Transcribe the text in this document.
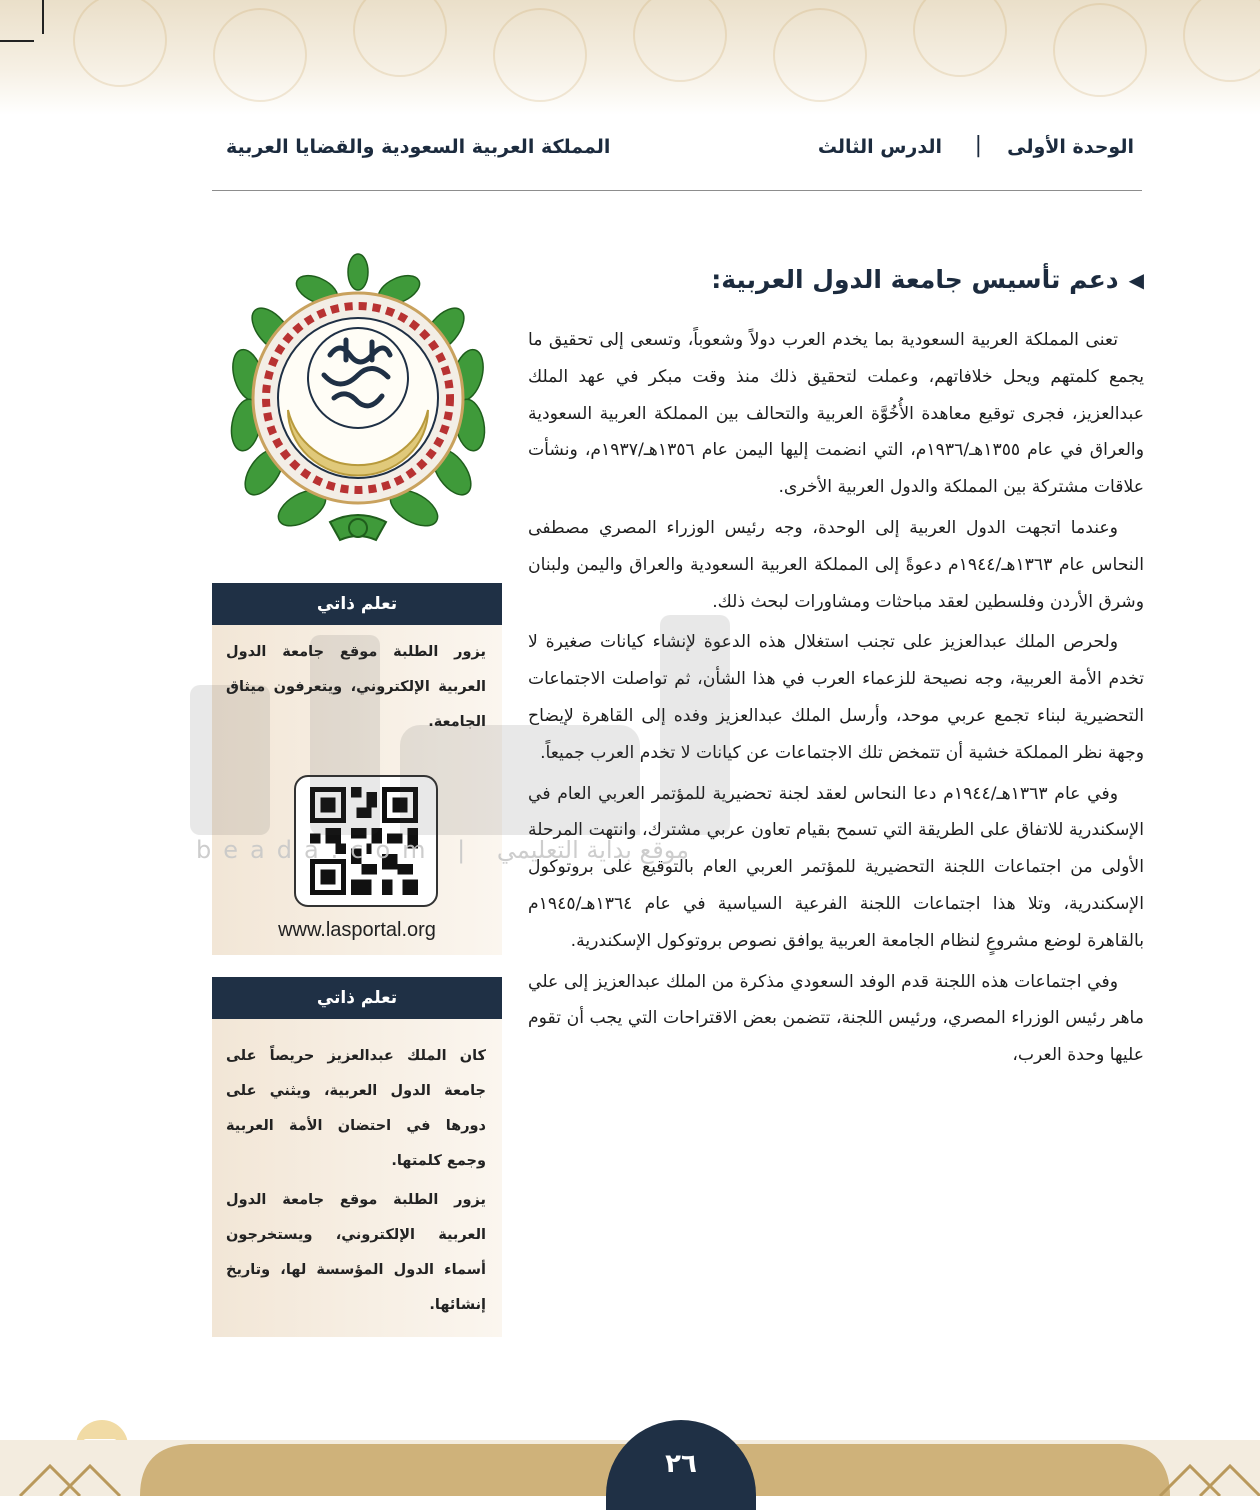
الوحدة الأولى
|
الدرس الثالث
المملكة العربية السعودية والقضايا العربية
◀
دعم تأسيس جامعة الدول العربية:

تعنى المملكة العربية السعودية بما يخدم العرب دولاً وشعوباً، وتسعى إلى تحقيق ما يجمع كلمتهم ويحل خلافاتهم، وعملت لتحقيق ذلك منذ وقت مبكر في عهد الملك عبدالعزيز، فجرى توقيع معاهدة الأُخُوَّة العربية والتحالف بين المملكة العربية السعودية والعراق في عام ١٣٥٥هـ/١٩٣٦م، التي انضمت إليها اليمن عام ١٣٥٦هـ/١٩٣٧م، ونشأت علاقات مشتركة بين المملكة والدول العربية الأخرى.

وعندما اتجهت الدول العربية إلى الوحدة، وجه رئيس الوزراء المصري مصطفى النحاس عام ١٣٦٣هـ/١٩٤٤م دعوةً إلى المملكة العربية السعودية والعراق واليمن ولبنان وشرق الأردن وفلسطين لعقد مباحثات ومشاورات لبحث ذلك.

ولحرص الملك عبدالعزيز على تجنب استغلال هذه الدعوة لإنشاء كيانات صغيرة لا تخدم الأمة العربية، وجه نصيحة للزعماء العرب في هذا الشأن، ثم تواصلت الاجتماعات التحضيرية لبناء تجمع عربي موحد، وأرسل الملك عبدالعزيز وفده إلى القاهرة لإيضاح وجهة نظر المملكة خشية أن تتمخض تلك الاجتماعات عن كيانات لا تخدم العرب جميعاً.

وفي عام ١٣٦٣هـ/١٩٤٤م دعا النحاس لعقد لجنة تحضيرية للمؤتمر العربي العام في الإسكندرية للاتفاق على الطريقة التي تسمح بقيام تعاون عربي مشترك، وانتهت المرحلة الأولى من اجتماعات اللجنة التحضيرية للمؤتمر العربي العام بالتوقيع على بروتوكول الإسكندرية، وتلا هذا اجتماعات اللجنة الفرعية السياسية في عام ١٣٦٤هـ/١٩٤٥م بالقاهرة لوضع مشروعٍ لنظام الجامعة العربية يوافق نصوص بروتوكول الإسكندرية.

وفي اجتماعات هذه اللجنة قدم الوفد السعودي مذكرة من الملك عبدالعزيز إلى علي ماهر رئيس الوزراء المصري، ورئيس اللجنة، تتضمن بعض الاقتراحات التي يجب أن تقوم عليها وحدة العرب،

تعلم ذاتي

يزور الطلبة موقع جامعة الدول العربية الإلكتروني، ويتعرفون ميثاق الجامعة.

www.lasportal.org
تعلم ذاتي

كان الملك عبدالعزيز حريصاً على جامعة الدول العربية، ويثني على دورها في احتضان الأمة العربية وجمع كلمتها.

يزور الطلبة موقع جامعة الدول العربية الإلكتروني، ويستخرجون أسماء الدول المؤسسة لها، وتاريخ إنشائها.

beada.com | موقع بداية التعليمي
٢٦
